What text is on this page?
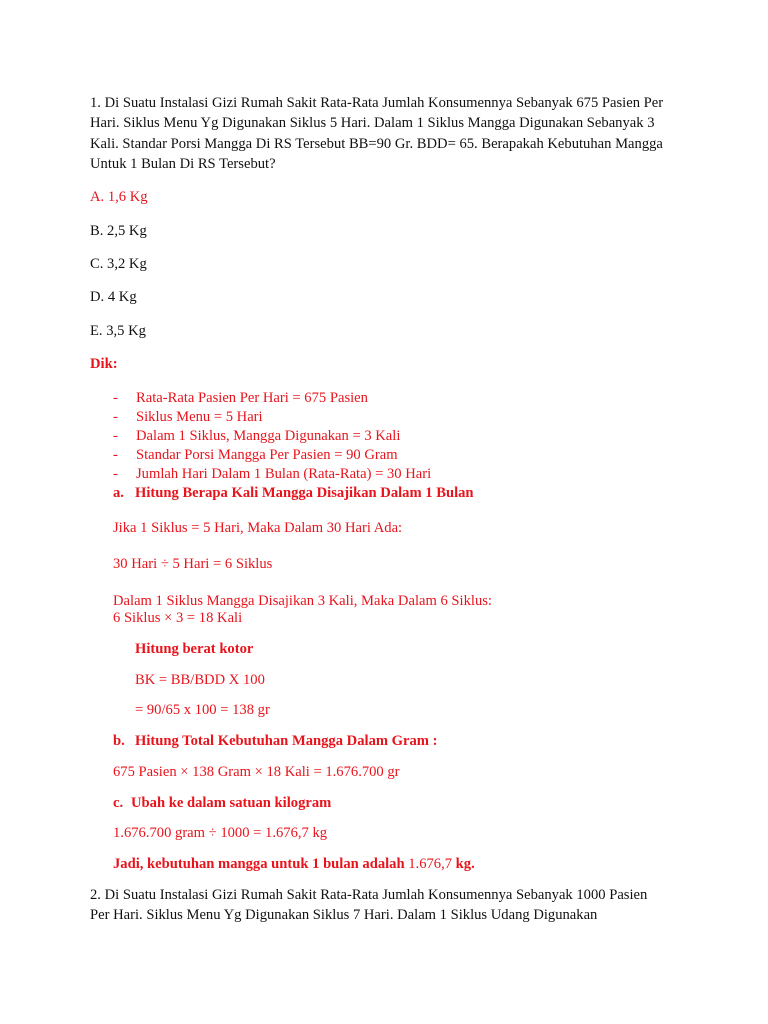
1. Di Suatu Instalasi Gizi Rumah Sakit Rata-Rata Jumlah Konsumennya Sebanyak 675 Pasien Per Hari. Siklus Menu Yg Digunakan Siklus 5 Hari. Dalam 1 Siklus Mangga Digunakan Sebanyak 3 Kali. Standar Porsi Mangga Di RS Tersebut BB=90 Gr. BDD= 65. Berapakah Kebutuhan Mangga Untuk 1 Bulan Di RS Tersebut?

A. 1,6 Kg
B. 2,5 Kg
C. 3,2 Kg
D. 4 Kg
E. 3,5 Kg
Dik:
- Rata-Rata Pasien Per Hari = 675 Pasien
- Siklus Menu = 5 Hari
- Dalam 1 Siklus, Mangga Digunakan = 3 Kali
- Standar Porsi Mangga Per Pasien = 90 Gram
- Jumlah Hari Dalam 1 Bulan (Rata-Rata) = 30 Hari
a. Hitung Berapa Kali Mangga Disajikan Dalam 1 Bulan
Jika 1 Siklus = 5 Hari, Maka Dalam 30 Hari Ada:
30 Hari ÷ 5 Hari = 6 Siklus
Dalam 1 Siklus Mangga Disajikan 3 Kali, Maka Dalam 6 Siklus:
6 Siklus × 3 = 18 Kali
Hitung berat kotor
BK = BB/BDD X 100
= 90/65 x 100 = 138 gr
b. Hitung Total Kebutuhan Mangga Dalam Gram :
675 Pasien × 138 Gram × 18 Kali = 1.676.700 gr
c. Ubah ke dalam satuan kilogram
1.676.700 gram ÷ 1000 = 1.676,7 kg
Jadi, kebutuhan mangga untuk 1 bulan adalah 1.676,7 kg.
2. Di Suatu Instalasi Gizi Rumah Sakit Rata-Rata Jumlah Konsumennya Sebanyak 1000 Pasien
Per Hari. Siklus Menu Yg Digunakan Siklus 7 Hari. Dalam 1 Siklus Udang Digunakan
